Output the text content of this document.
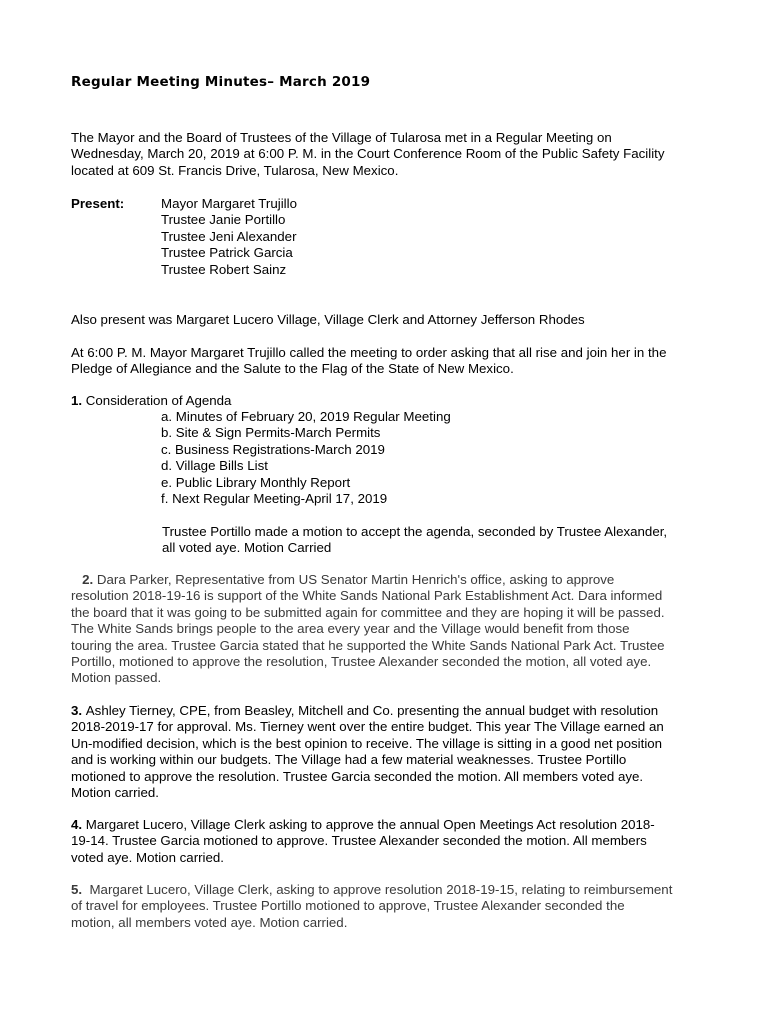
Regular Meeting Minutes– March 2019
The Mayor and the Board of Trustees of the Village of Tularosa met in a Regular Meeting on
Wednesday, March 20, 2019 at 6:00 P. M. in the Court Conference Room of the Public Safety Facility
located at 609 St. Francis Drive, Tularosa, New Mexico.
Present:	Mayor Margaret Trujillo
Trustee Janie Portillo
Trustee Jeni Alexander
Trustee Patrick Garcia
Trustee Robert Sainz
Also present was Margaret Lucero Village, Village Clerk and Attorney Jefferson Rhodes
At 6:00 P. M. Mayor Margaret Trujillo called the meeting to order asking that all rise and join her in the
Pledge of Allegiance and the Salute to the Flag of the State of New Mexico.
1. Consideration of Agenda
a. Minutes of February 20, 2019 Regular Meeting
b. Site & Sign Permits-March Permits
c. Business Registrations-March 2019
d. Village Bills List
e. Public Library Monthly Report
f. Next Regular Meeting-April 17, 2019
Trustee Portillo made a motion to accept the agenda, seconded by Trustee Alexander,
all voted aye. Motion Carried
2. Dara Parker, Representative from US Senator Martin Henrich's office, asking to approve
resolution 2018-19-16 is support of the White Sands National Park Establishment Act. Dara informed
the board that it was going to be submitted again for committee and they are hoping it will be passed.
The White Sands brings people to the area every year and the Village would benefit from those
touring the area. Trustee Garcia stated that he supported the White Sands National Park Act. Trustee
Portillo, motioned to approve the resolution, Trustee Alexander seconded the motion, all voted aye.
Motion passed.
3. Ashley Tierney, CPE, from Beasley, Mitchell and Co. presenting the annual budget with resolution
2018-2019-17 for approval. Ms. Tierney went over the entire budget. This year The Village earned an
Un-modified decision, which is the best opinion to receive. The village is sitting in a good net position
and is working within our budgets. The Village had a few material weaknesses. Trustee Portillo
motioned to approve the resolution. Trustee Garcia seconded the motion. All members voted aye.
Motion carried.
4. Margaret Lucero, Village Clerk asking to approve the annual Open Meetings Act resolution 2018-
19-14. Trustee Garcia motioned to approve. Trustee Alexander seconded the motion. All members
voted aye. Motion carried.
5. Margaret Lucero, Village Clerk, asking to approve resolution 2018-19-15, relating to reimbursement
of travel for employees. Trustee Portillo motioned to approve, Trustee Alexander seconded the
motion, all members voted aye. Motion carried.
